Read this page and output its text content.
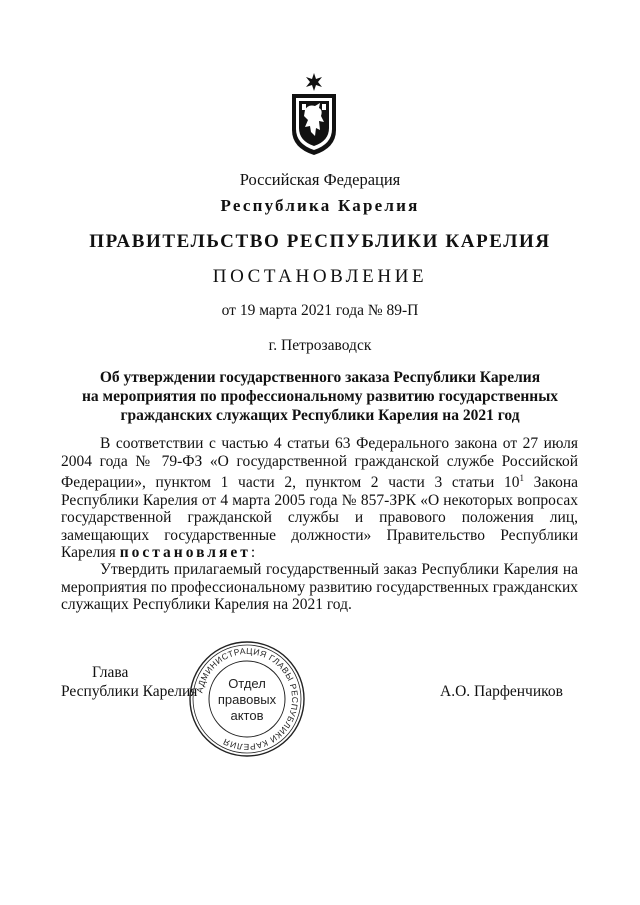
Российская Федерация
Республика Карелия
ПРАВИТЕЛЬСТВО РЕСПУБЛИКИ КАРЕЛИЯ
ПОСТАНОВЛЕНИЕ
от 19 марта 2021 года № 89-П
г. Петрозаводск
Об утверждении государственного заказа Республики Карелия
на мероприятия по профессиональному развитию государственных
гражданских служащих Республики Карелия на 2021 год
В соответствии с частью 4 статьи 63 Федерального закона от 27 июля 2004 года № 79-ФЗ «О государственной гражданской службе Российской Федерации», пунктом 1 части 2, пунктом 2 части 3 статьи $10^1$ Закона Республики Карелия от 4 марта 2005 года № 857-ЗРК «О некоторых вопросах государственной гражданской службы и правового положения лиц, замещающих государственные должности» Правительство Республики Карелия постановляет:
Утвердить прилагаемый государственный заказ Республики Карелия на мероприятия по профессиональному развитию государственных гражданских служащих Республики Карелия на 2021 год.
Глава
Республики Карелия	А.О. Парфенчиков
АДМИНИСТРАЦИЯ ГЛАВЫ РЕСПУБЛИКИ КАРЕЛИЯ
Отдел
правовых
актов
